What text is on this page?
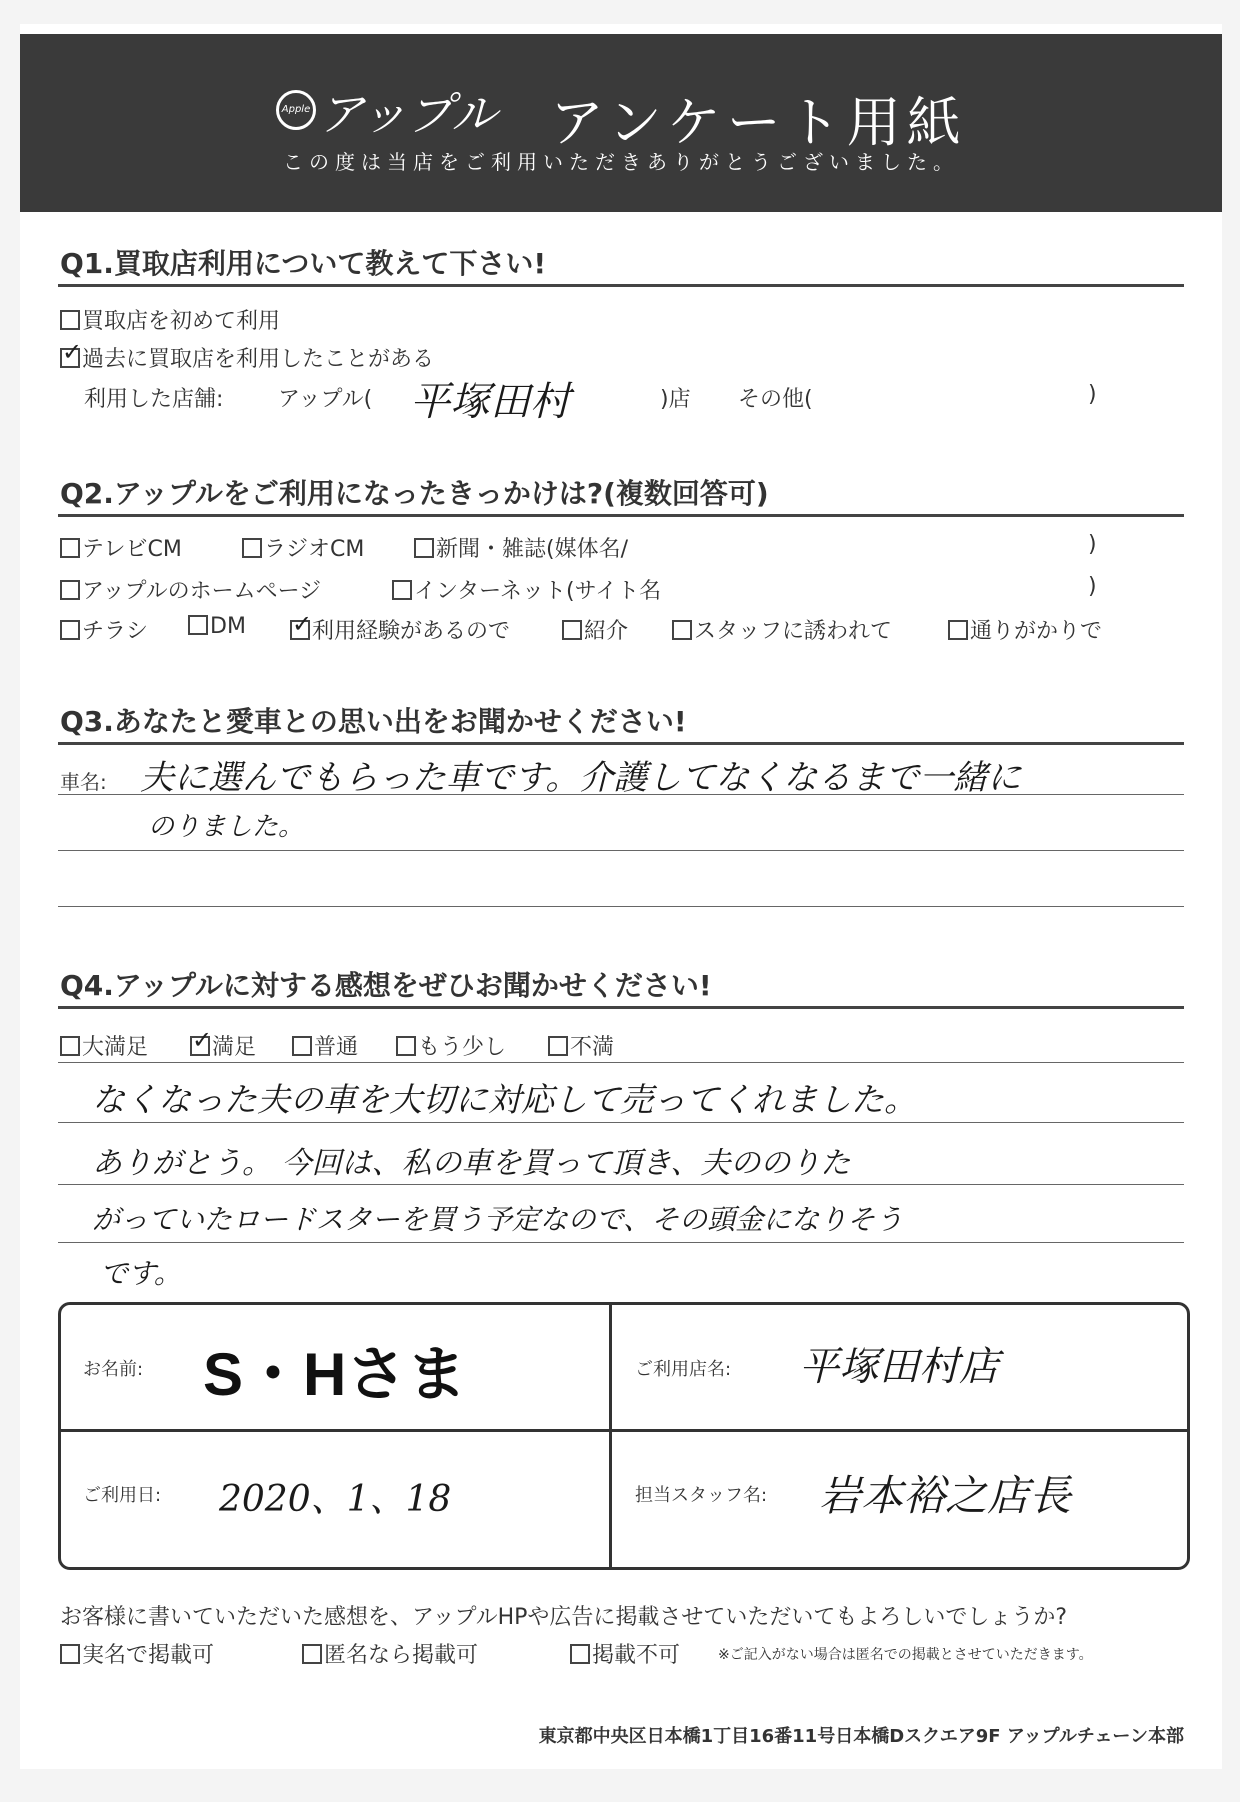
Apple アップル アンケート用紙
この度は当店をご利用いただきありがとうございました。
Q1.買取店利用について教えて下さい!
買取店を初めて利用
✓過去に買取店を利用したことがある
利用した店舗: アップル( 平塚田村	)店 その他(	)
Q2.アップルをご利用になったきっかけは?(複数回答可)
テレビCM	ラジオCM	新聞・雑誌(媒体名/	)
アップルのホームページ	インターネット(サイト名	)
チラシ	DM ✓	利用経験があるので	紹介	スタッフに誘われて	通りがかりで
Q3.あなたと愛車との思い出をお聞かせください!
車名: 夫に選んでもらった車です。介護してなくなるまで一緒に
のりました。
Q4.アップルに対する感想をぜひお聞かせください!
大満足 ✓	満足	普通	もう少し	不満
なくなった夫の車を大切に対応して売ってくれました。
ありがとう。 今回は、私の車を買って頂き、夫ののりた
がっていたロードスターを買う予定なので、その頭金になりそう
です。
お名前: S・Hさま	ご利用店名: 平塚田村店
ご利用日: 2020、1、18	担当スタッフ名: 岩本裕之店長
お客様に書いていただいた感想を、アップルHPや広告に掲載させていただいてもよろしいでしょうか?
実名で掲載可	匿名なら掲載可	掲載不可	※ご記入がない場合は匿名での掲載とさせていただきます。
東京都中央区日本橋1丁目16番11号日本橋Dスクエア9F アップルチェーン本部
